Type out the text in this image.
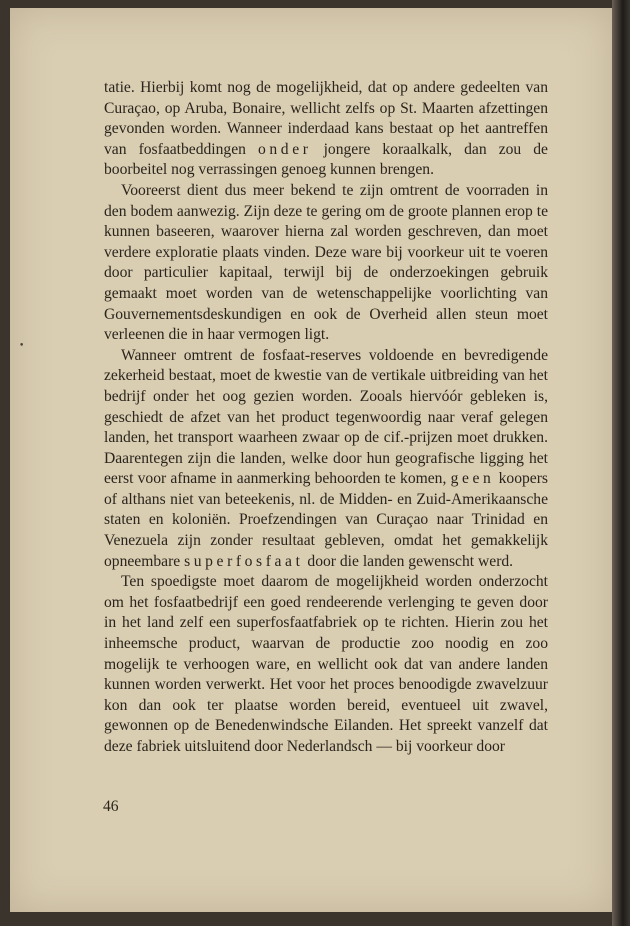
•

tatie. Hierbij komt nog de mogelijkheid, dat op andere gedeelten van Curaçao, op Aruba, Bonaire, wellicht zelfs op St. Maarten afzettingen gevonden worden. Wanneer inderdaad kans bestaat op het aantreffen van fosfaatbeddingen onder jongere koraalkalk, dan zou de boorbeitel nog verrassingen genoeg kunnen brengen.

Vooreerst dient dus meer bekend te zijn omtrent de voorraden in den bodem aanwezig. Zijn deze te gering om de groote plannen erop te kunnen baseeren, waarover hierna zal worden geschreven, dan moet verdere exploratie plaats vinden. Deze ware bij voorkeur uit te voeren door particulier kapitaal, terwijl bij de onderzoekingen gebruik gemaakt moet worden van de wetenschappelijke voorlichting van Gouvernementsdeskundigen en ook de Overheid allen steun moet verleenen die in haar vermogen ligt.

Wanneer omtrent de fosfaat-reserves voldoende en bevredigende zekerheid bestaat, moet de kwestie van de vertikale uitbreiding van het bedrijf onder het oog gezien worden. Zooals hiervóór gebleken is, geschiedt de afzet van het product tegenwoordig naar veraf gelegen landen, het transport waarheen zwaar op de cif.-prijzen moet drukken. Daarentegen zijn die landen, welke door hun geografische ligging het eerst voor afname in aanmerking behoorden te komen, geen koopers of althans niet van beteekenis, nl. de Midden- en Zuid-Amerikaansche staten en koloniën. Proefzendingen van Curaçao naar Trinidad en Venezuela zijn zonder resultaat gebleven, omdat het gemakkelijk opneembare superfosfaat door die landen gewenscht werd.

Ten spoedigste moet daarom de mogelijkheid worden onderzocht om het fosfaatbedrijf een goed rendeerende verlenging te geven door in het land zelf een superfosfaatfabriek op te richten. Hierin zou het inheemsche product, waarvan de productie zoo noodig en zoo mogelijk te verhoogen ware, en wellicht ook dat van andere landen kunnen worden verwerkt. Het voor het proces benoodigde zwavelzuur kon dan ook ter plaatse worden bereid, eventueel uit zwavel, gewonnen op de Benedenwindsche Eilanden. Het spreekt vanzelf dat deze fabriek uitsluitend door Nederlandsch — bij voorkeur door

46
